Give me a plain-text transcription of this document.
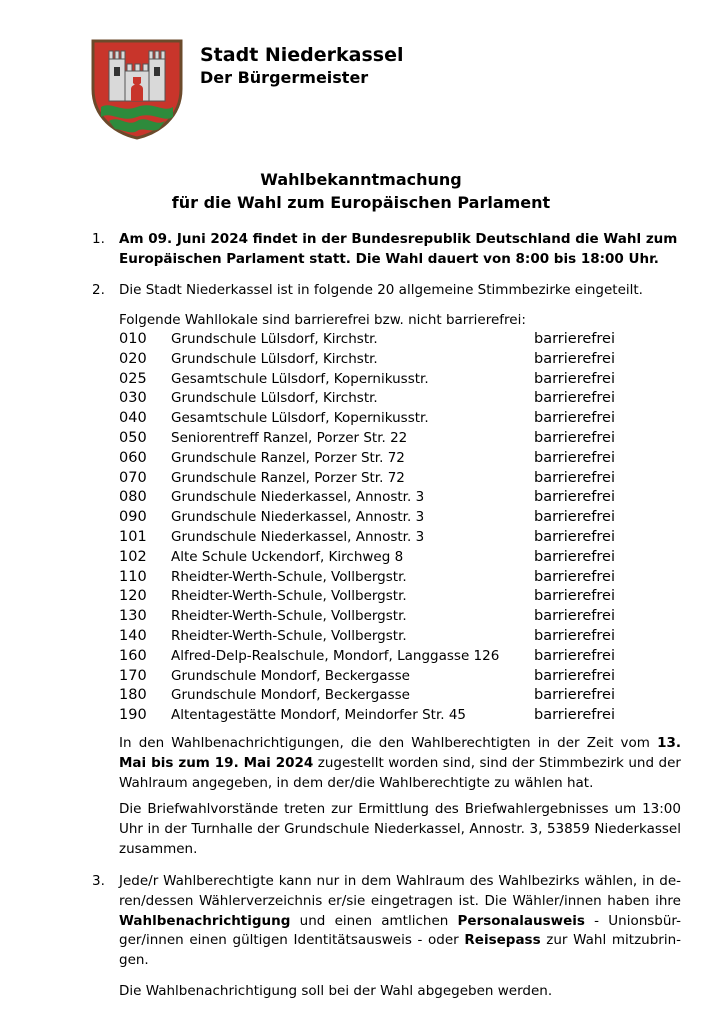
Stadt Niederkassel
Der Bürgermeister
Wahlbekanntmachung
für die Wahl zum Europäischen Parlament
1. Am 09. Juni 2024 findet in der Bundesrepublik Deutschland die Wahl zum
Europäischen Parlament statt. Die Wahl dauert von 8:00 bis 18:00 Uhr.
2. Die Stadt Niederkassel ist in folgende 20 allgemeine Stimmbezirke eingeteilt.
Folgende Wahllokale sind barrierefrei bzw. nicht barrierefrei:
010 Grundschule Lülsdorf, Kirchstr.	barrierefrei
020 Grundschule Lülsdorf, Kirchstr.	barrierefrei
025 Gesamtschule Lülsdorf, Kopernikusstr.	barrierefrei
030 Grundschule Lülsdorf, Kirchstr.	barrierefrei
040 Gesamtschule Lülsdorf, Kopernikusstr.	barrierefrei
050 Seniorentreff Ranzel, Porzer Str. 22	barrierefrei
060 Grundschule Ranzel, Porzer Str. 72	barrierefrei
070 Grundschule Ranzel, Porzer Str. 72	barrierefrei
080 Grundschule Niederkassel, Annostr. 3	barrierefrei
090 Grundschule Niederkassel, Annostr. 3	barrierefrei
101 Grundschule Niederkassel, Annostr. 3	barrierefrei
102 Alte Schule Uckendorf, Kirchweg 8	barrierefrei
110 Rheidter-Werth-Schule, Vollbergstr.	barrierefrei
120 Rheidter-Werth-Schule, Vollbergstr.	barrierefrei
130 Rheidter-Werth-Schule, Vollbergstr.	barrierefrei
140 Rheidter-Werth-Schule, Vollbergstr.	barrierefrei
160 Alfred-Delp-Realschule, Mondorf, Langgasse 126 barrierefrei
170 Grundschule Mondorf, Beckergasse	barrierefrei
180 Grundschule Mondorf, Beckergasse	barrierefrei
190 Altentagestätte Mondorf, Meindorfer Str. 45	barrierefrei
In den Wahlbenachrichtigungen, die den Wahlberechtigten in der Zeit vom 13. Mai bis zum 19. Mai 2024 zugestellt worden sind, sind der Stimmbezirk und der Wahlraum angegeben, in dem der/die Wahlberechtigte zu wählen hat.
Die Briefwahlvorstände treten zur Ermittlung des Briefwahlergebnisses um 13:00 Uhr in der Turnhalle der Grundschule Niederkassel, Annostr. 3, 53859 Niederkassel zusammen.
3. Jede/r Wahlberechtigte kann nur in dem Wahlraum des Wahlbezirks wählen, in de-ren/dessen Wählerverzeichnis er/sie eingetragen ist. Die Wähler/innen haben ihre Wahlbenachrichtigung und einen amtlichen Personalausweis - Unionsbür-ger/innen einen gültigen Identitätsausweis - oder Reisepass zur Wahl mitzubrin-gen.
Die Wahlbenachrichtigung soll bei der Wahl abgegeben werden.
